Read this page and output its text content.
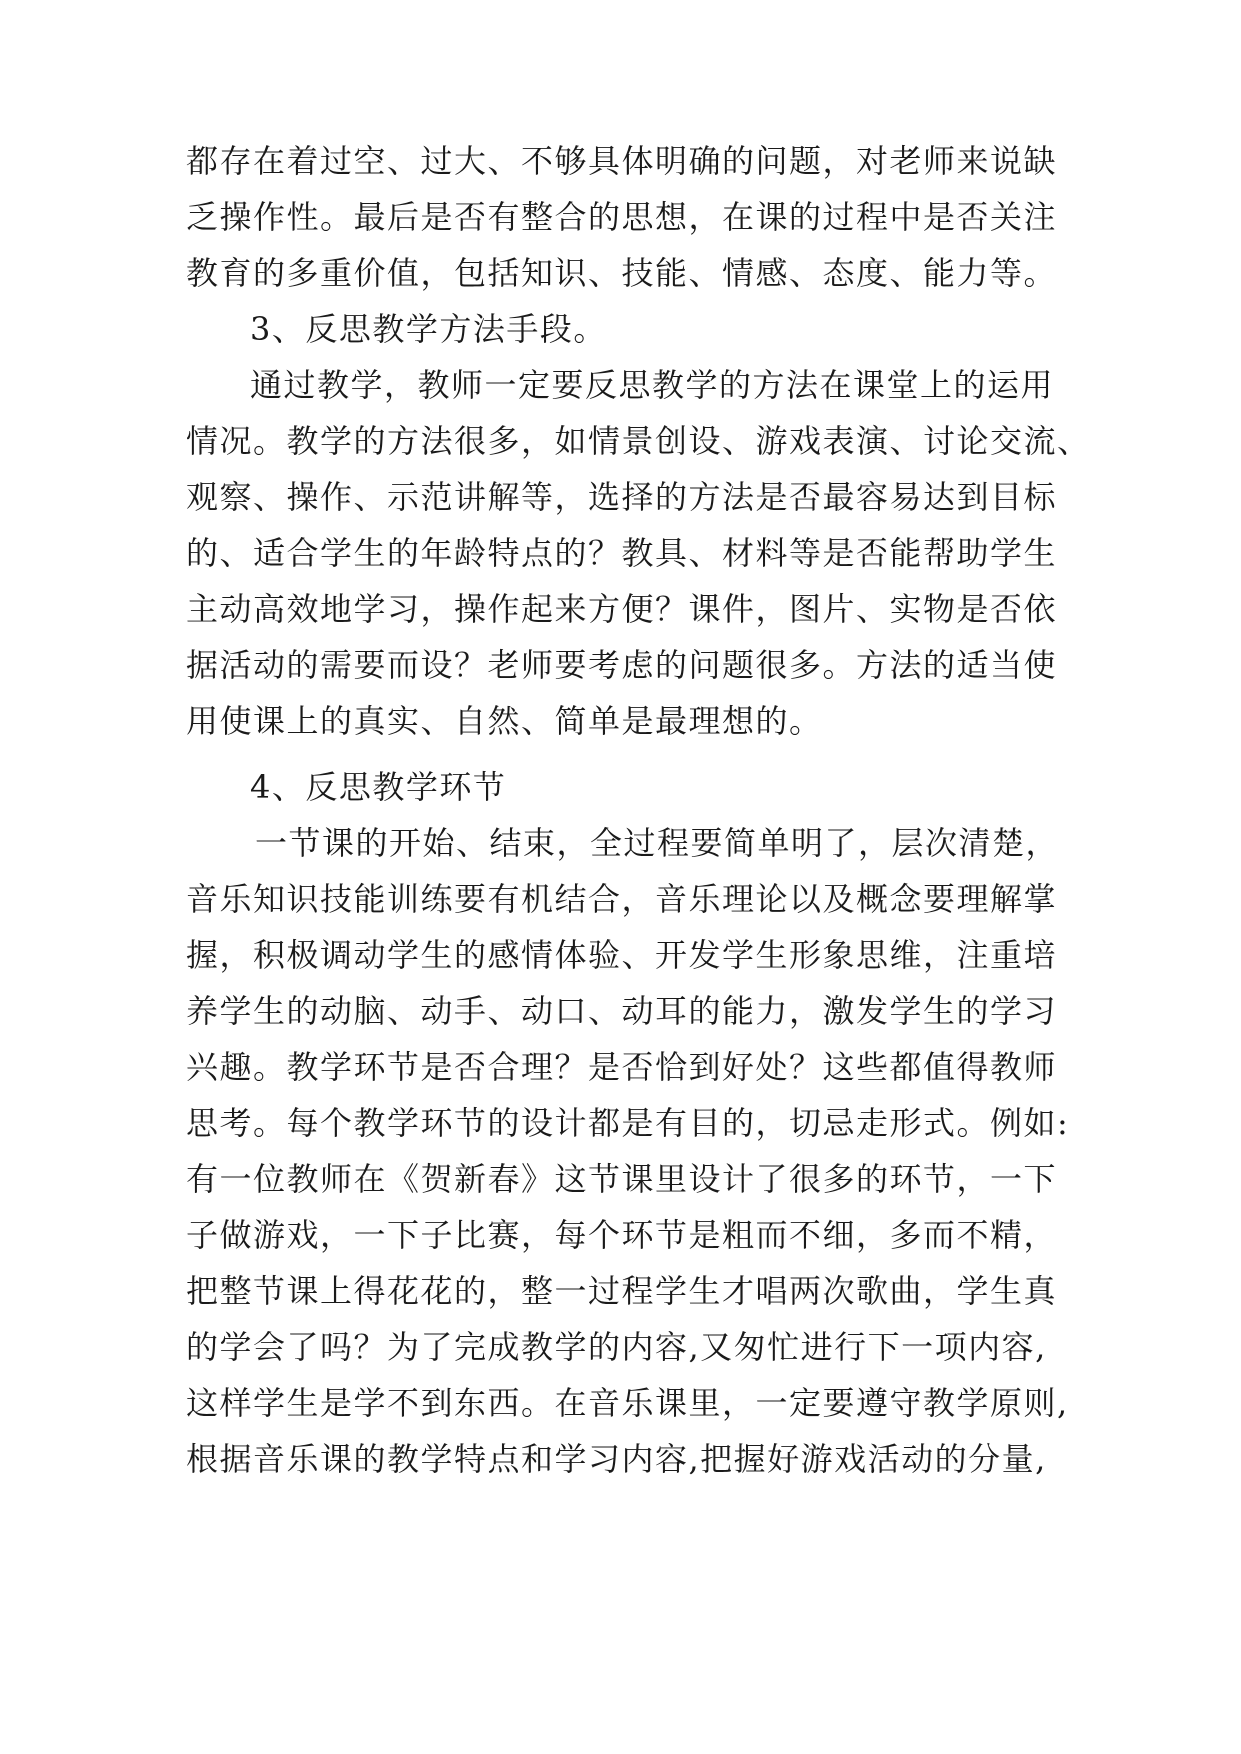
都存在着过空、过大、不够具体明确的问题，对老师来说缺
乏操作性。最后是否有整合的思想，在课的过程中是否关注
教育的多重价值，包括知识、技能、情感、态度、能力等。
3、反思教学方法手段。
通过教学，教师一定要反思教学的方法在课堂上的运用
情况。教学的方法很多，如情景创设、游戏表演、讨论交流、
观察、操作、示范讲解等，选择的方法是否最容易达到目标
的、适合学生的年龄特点的？教具、材料等是否能帮助学生
主动高效地学习，操作起来方便？课件，图片、实物是否依
据活动的需要而设？老师要考虑的问题很多。方法的适当使
用使课上的真实、自然、简单是最理想的。
4、反思教学环节
一节课的开始、结束，全过程要简单明了，层次清楚，
音乐知识技能训练要有机结合，音乐理论以及概念要理解掌
握，积极调动学生的感情体验、开发学生形象思维，注重培
养学生的动脑、动手、动口、动耳的能力，激发学生的学习
兴趣。教学环节是否合理？是否恰到好处？这些都值得教师
思考。每个教学环节的设计都是有目的，切忌走形式。例如:
有一位教师在《贺新春》这节课里设计了很多的环节，一下
子做游戏，一下子比赛，每个环节是粗而不细，多而不精，
把整节课上得花花的，整一过程学生才唱两次歌曲，学生真
的学会了吗？为了完成教学的内容,又匆忙进行下一项内容,
这样学生是学不到东西。在音乐课里，一定要遵守教学原则,
根据音乐课的教学特点和学习内容,把握好游戏活动的分量,
